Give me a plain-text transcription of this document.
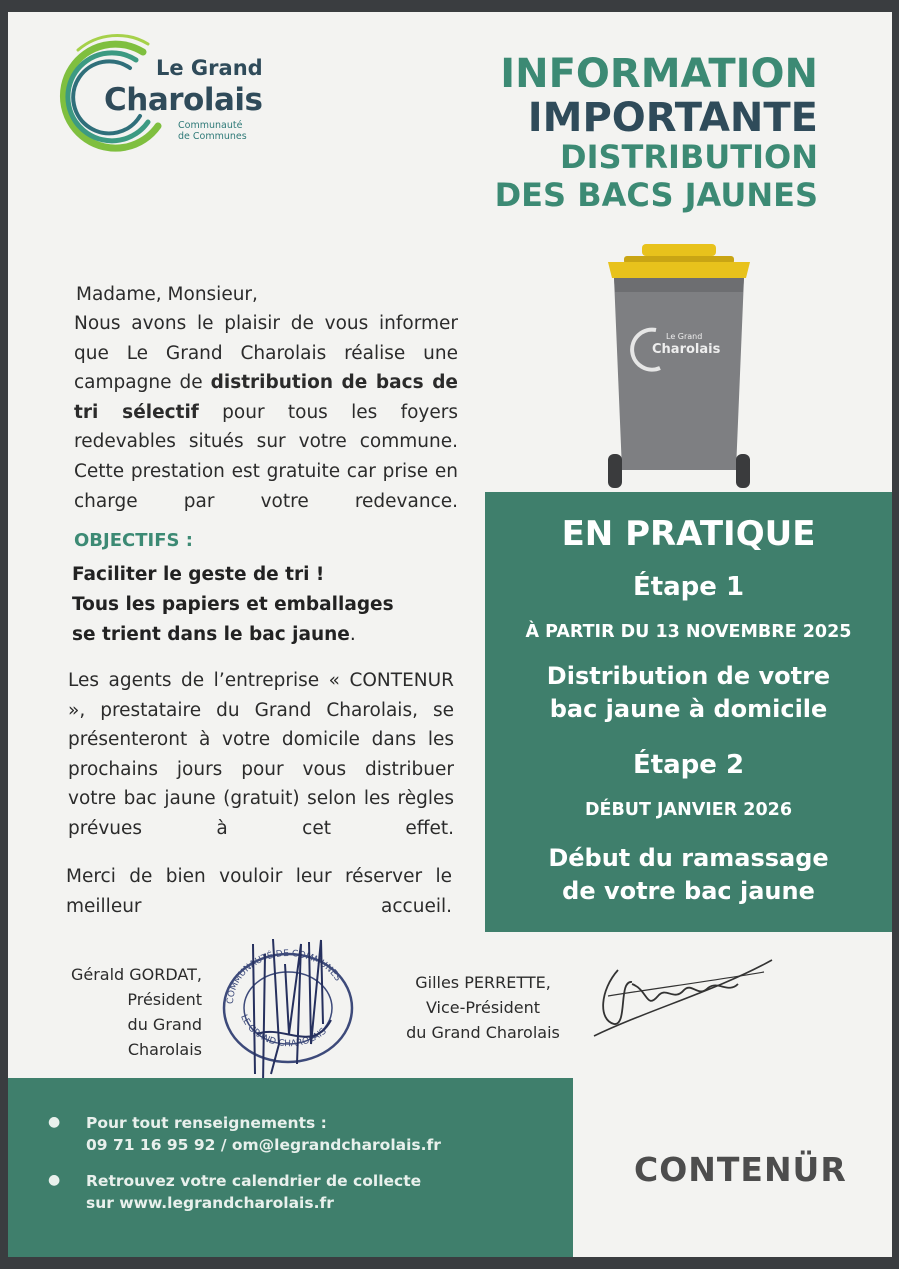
Le Grand
Charolais
Communauté
de Communes
INFORMATION
IMPORTANTE
DISTRIBUTION
DES BACS JAUNES
Le Grand
Charolais
Madame, Monsieur,
Nous avons le plaisir de vous informer que Le Grand Charolais réalise une campagne de distribution de bacs de tri sélectif pour tous les foyers redevables situés sur votre commune. Cette prestation est gratuite car prise en charge par votre redevance.
OBJECTIFS :
Faciliter le geste de tri !
Tous les papiers et emballages
se trient dans le bac jaune.
Les agents de l’entreprise « CONTENUR », prestataire du Grand Charolais, se présenteront à votre domicile dans les prochains jours pour vous distribuer votre bac jaune (gratuit) selon les règles prévues à cet effet.
Merci de bien vouloir leur réserver le meilleur accueil.
EN PRATIQUE
Étape 1
À PARTIR DU 13 NOVEMBRE 2025
Distribution de votre
bac jaune à domicile
Étape 2
DÉBUT JANVIER 2026
Début du ramassage
de votre bac jaune
Gérald GORDAT,
Président
du Grand Charolais
COMMUNAUTÉ DE COMMUNES
LE GRAND CHAROLAIS
Gilles PERRETTE,
Vice-Président
du Grand Charolais
● Pour tout renseignements :
09 71 16 95 92 / om@legrandcharolais.fr
● Retrouvez votre calendrier de collecte
sur www.legrandcharolais.fr
CONTENÜR
